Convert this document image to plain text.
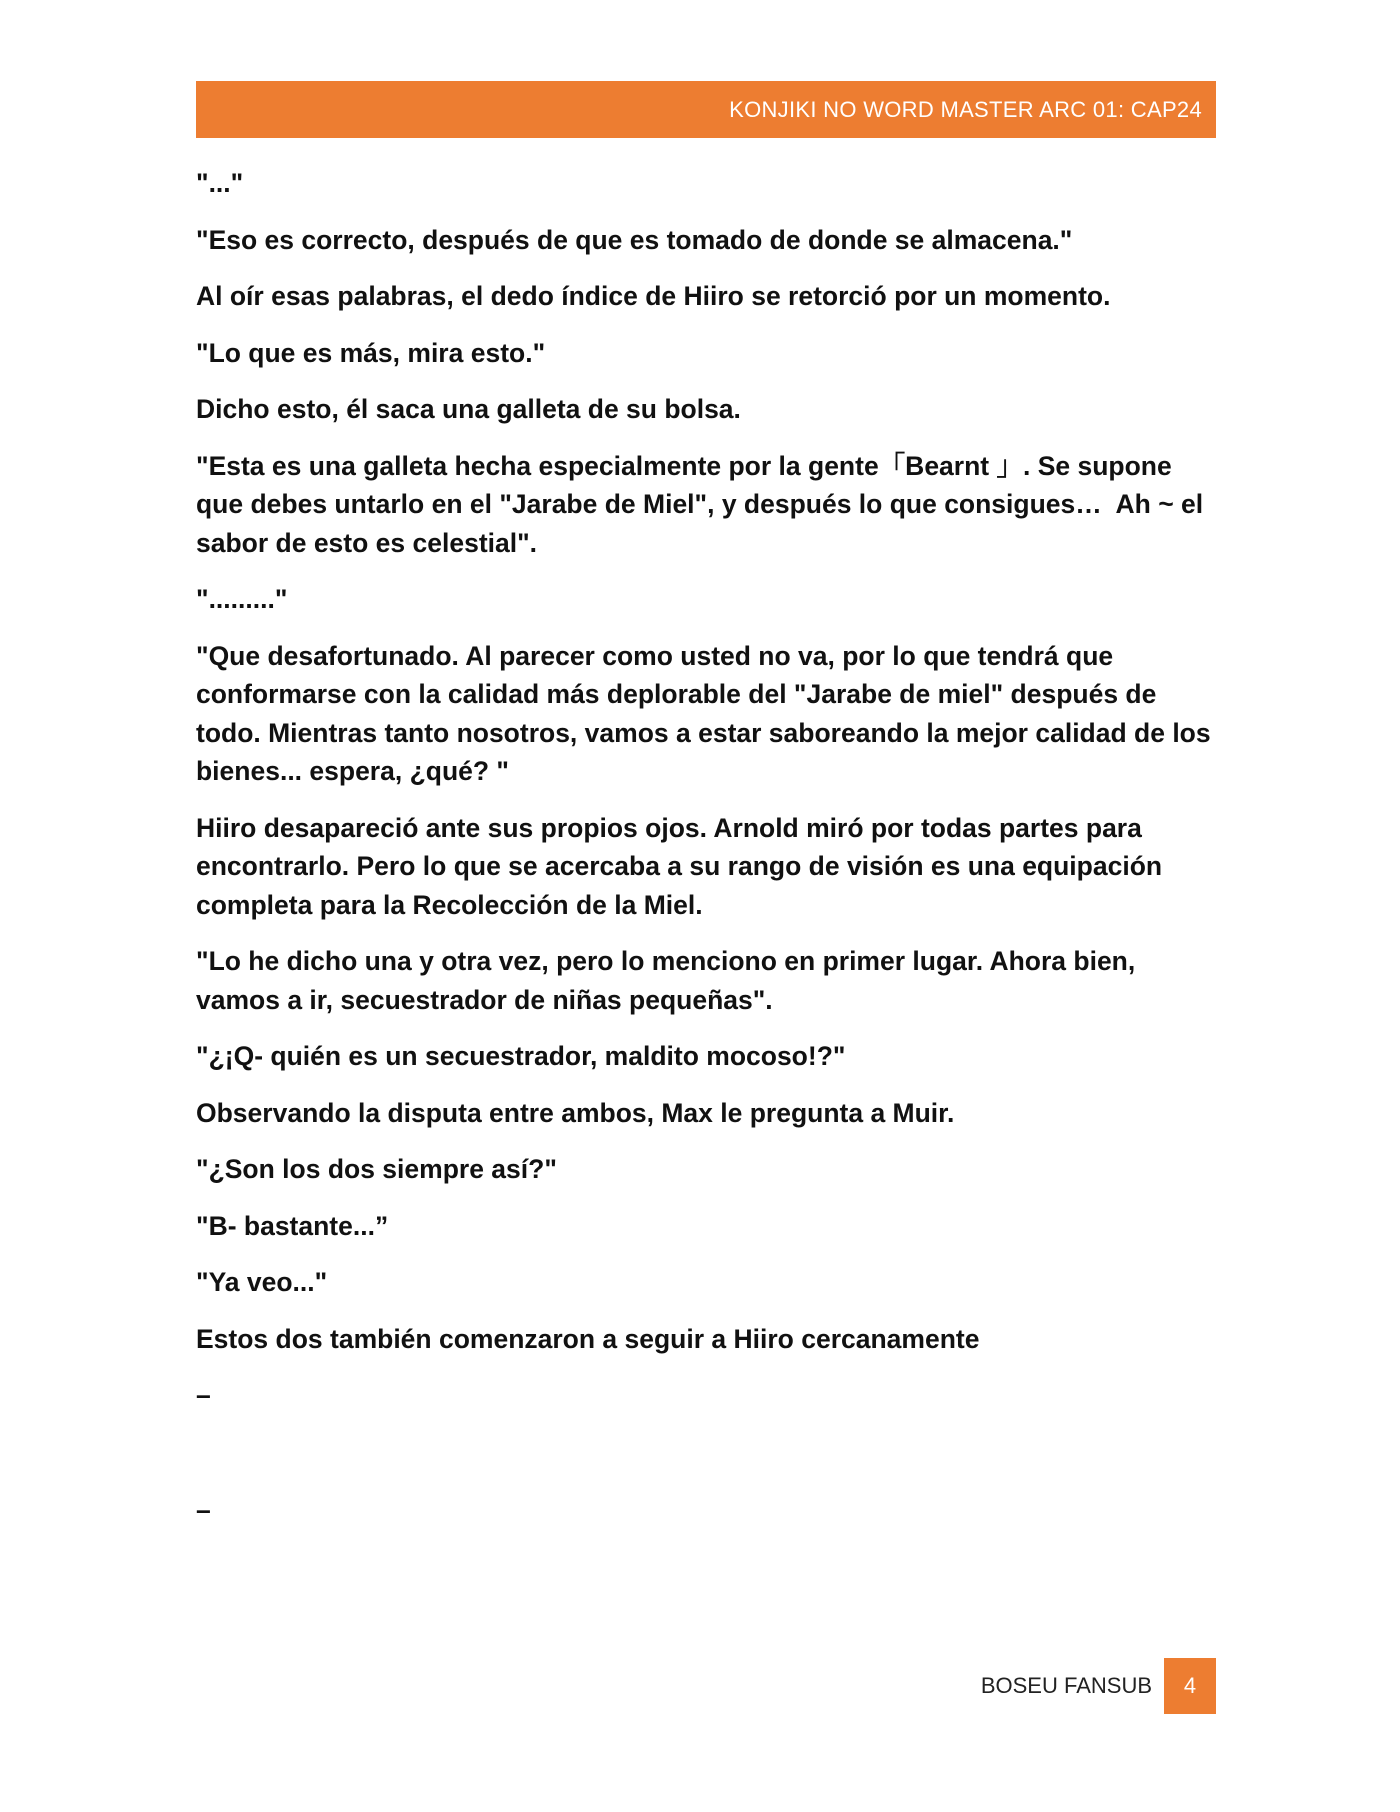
KONJIKI NO WORD MASTER ARC 01: CAP24

"..."

"Eso es correcto, después de que es tomado de donde se almacena."

Al oír esas palabras, el dedo índice de Hiiro se retorció por un momento.

"Lo que es más, mira esto."

Dicho esto, él saca una galleta de su bolsa.

"Esta es una galleta hecha especialmente por la gente「Bearnt 」. Se supone que debes untarlo en el "Jarabe de Miel", y después lo que consigues…  Ah ~ el sabor de esto es celestial".

"........."

"Que desafortunado. Al parecer como usted no va, por lo que tendrá que conformarse con la calidad más deplorable del "Jarabe de miel" después de todo. Mientras tanto nosotros, vamos a estar saboreando la mejor calidad de los bienes... espera, ¿qué? "

Hiiro desapareció ante sus propios ojos. Arnold miró por todas partes para encontrarlo. Pero lo que se acercaba a su rango de visión es una equipación completa para la Recolección de la Miel.

"Lo he dicho una y otra vez, pero lo menciono en primer lugar. Ahora bien, vamos a ir, secuestrador de niñas pequeñas".

"¿¡Q- quién es un secuestrador, maldito mocoso!?"

Observando la disputa entre ambos, Max le pregunta a Muir.

"¿Son los dos siempre así?"

"B- bastante...”

"Ya veo..."

Estos dos también comenzaron a seguir a Hiiro cercanamente

–

–

BOSEU FANSUB	4
